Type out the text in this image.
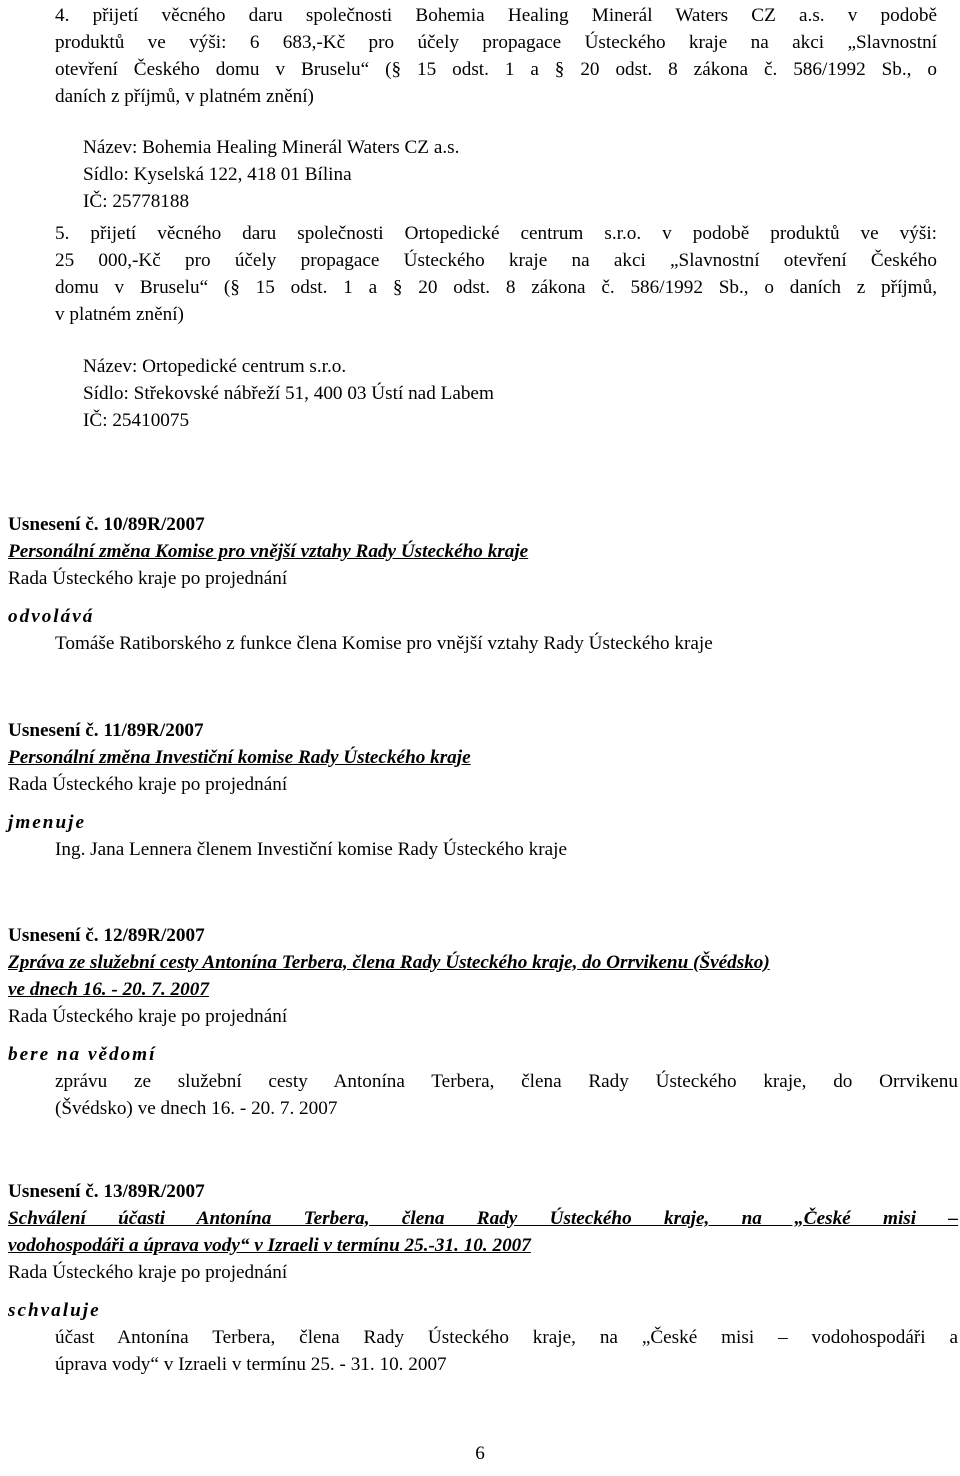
4. přijetí věcného daru společnosti Bohemia Healing Minerál Waters CZ a.s. v podobě
produktů ve výši: 6 683,-Kč pro účely propagace Ústeckého kraje na akci „Slavnostní
otevření Českého domu v Bruselu“ (§ 15 odst. 1 a § 20 odst. 8 zákona č. 586/1992 Sb., o
daních z příjmů, v platném znění)
Název: Bohemia Healing Minerál Waters CZ a.s.
Sídlo: Kyselská 122, 418 01 Bílina
IČ: 25778188
5. přijetí věcného daru společnosti Ortopedické centrum s.r.o. v podobě produktů ve výši:
25 000,-Kč pro účely propagace Ústeckého kraje na akci „Slavnostní otevření Českého
domu v Bruselu“ (§ 15 odst. 1 a § 20 odst. 8 zákona č. 586/1992 Sb., o daních z příjmů,
v platném znění)
Název: Ortopedické centrum s.r.o.
Sídlo: Střekovské nábřeží 51, 400 03 Ústí nad Labem
IČ: 25410075
Usnesení č. 10/89R/2007
Personální změna Komise pro vnější vztahy Rady Ústeckého kraje
Rada Ústeckého kraje po projednání
odvolává
Tomáše Ratiborského z funkce člena Komise pro vnější vztahy Rady Ústeckého kraje
Usnesení č. 11/89R/2007
Personální změna Investiční komise Rady Ústeckého kraje
Rada Ústeckého kraje po projednání
jmenuje
Ing. Jana Lennera členem Investiční komise Rady Ústeckého kraje
Usnesení č. 12/89R/2007
Zpráva ze služební cesty Antonína Terbera, člena Rady Ústeckého kraje, do Orrvikenu (Švédsko)
ve dnech 16. - 20. 7. 2007
Rada Ústeckého kraje po projednání
bere na vědomí
zprávu ze služební cesty Antonína Terbera, člena Rady Ústeckého kraje, do Orrvikenu
(Švédsko) ve dnech 16. - 20. 7. 2007
Usnesení č. 13/89R/2007
Schválení účasti Antonína Terbera, člena Rady Ústeckého kraje, na „České misi –
vodohospodáři a úprava vody“ v Izraeli v termínu 25.-31. 10. 2007
Rada Ústeckého kraje po projednání
schvaluje
účast Antonína Terbera, člena Rady Ústeckého kraje, na „České misi – vodohospodáři a
úprava vody“ v Izraeli v termínu 25. - 31. 10. 2007
6
